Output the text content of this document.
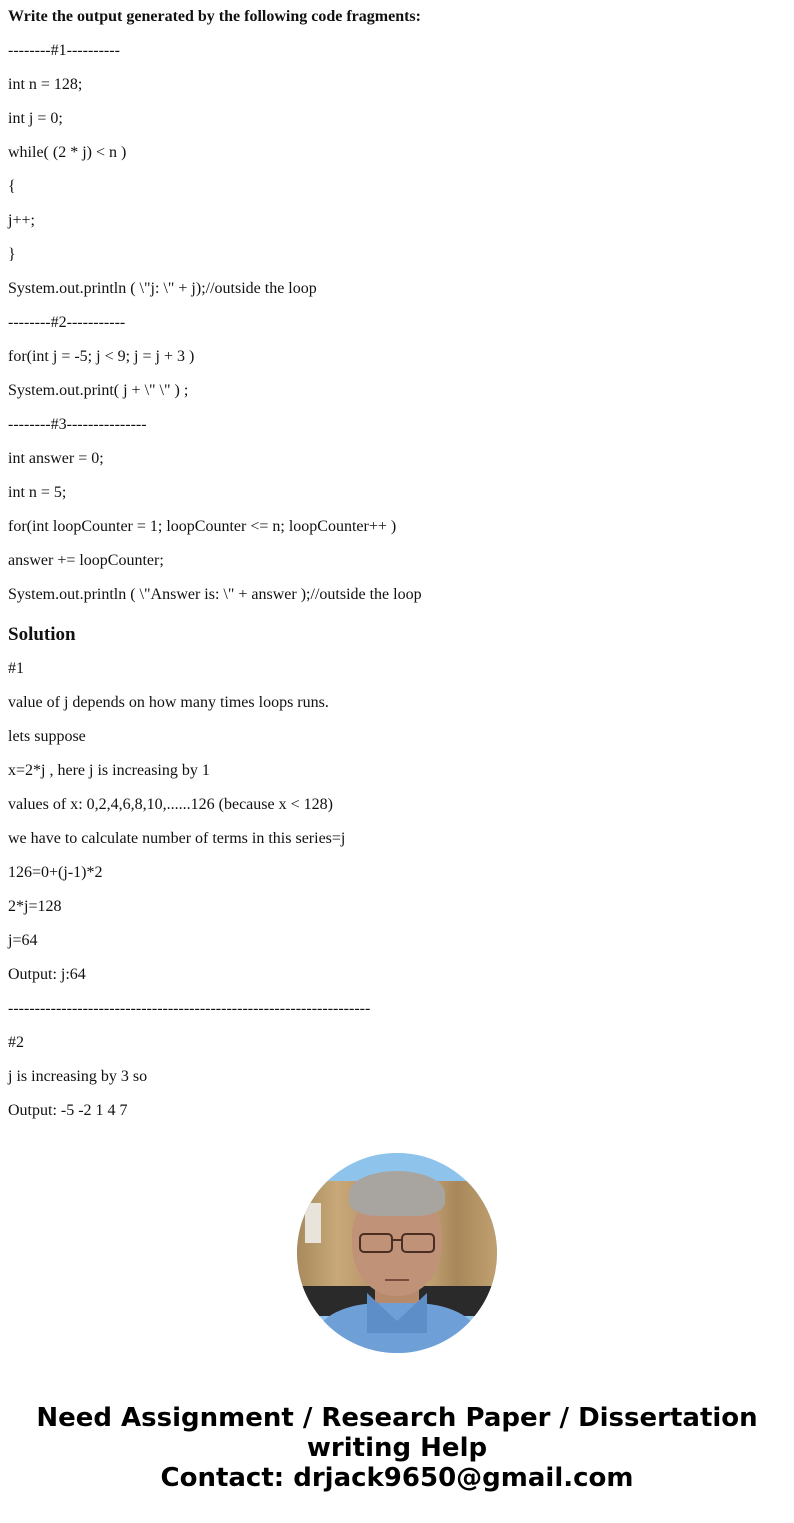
Write the output generated by the following code fragments:

--------#1----------

int n = 128;

int j = 0;

while( (2 * j) < n )

{

j++;

}

System.out.println ( \"j: \" + j);//outside the loop

--------#2-----------

for(int j = -5; j < 9; j = j + 3 )

System.out.print( j + \" \" ) ;

--------#3---------------

int answer = 0;

int n = 5;

for(int loopCounter = 1; loopCounter <= n; loopCounter++ )

answer += loopCounter;

System.out.println ( \"Answer is: \" + answer );//outside the loop

Solution

#1

value of j depends on how many times loops runs.

lets suppose

x=2*j , here j is increasing by 1

values of x: 0,2,4,6,8,10,......126 (because x < 128)

we have to calculate number of terms in this series=j

126=0+(j-1)*2

2*j=128

j=64

Output: j:64

--------------------------------------------------------------------

#2

j is increasing by 3 so

Output: -5 -2 1 4 7

Need Assignment / Research Paper / Dissertation
writing Help
Contact: drjack9650@gmail.com
